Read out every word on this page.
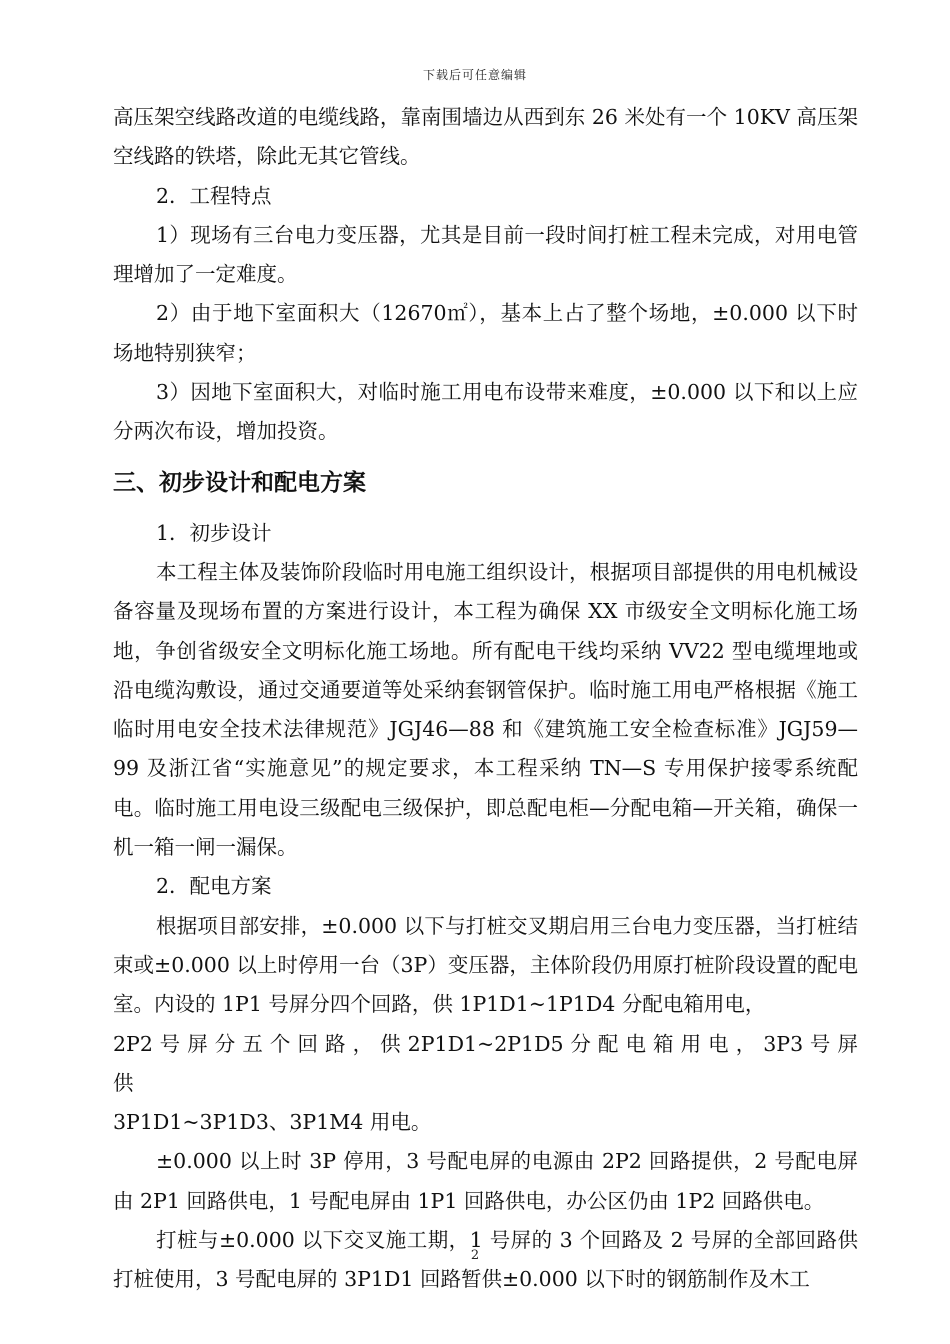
下载后可任意编辑

高压架空线路改道的电缆线路，靠南围墙边从西到东 26 米处有一个 10KV 高压架空线路的铁塔，除此无其它管线。

2．工程特点

1）现场有三台电力变压器，尤其是目前一段时间打桩工程未完成，对用电管理增加了一定难度。

2）由于地下室面积大（12670㎡），基本上占了整个场地，±0.000 以下时场地特别狭窄；

3）因地下室面积大，对临时施工用电布设带来难度，±0.000 以下和以上应分两次布设，增加投资。

三、初步设计和配电方案

1．初步设计

本工程主体及装饰阶段临时用电施工组织设计，根据项目部提供的用电机械设备容量及现场布置的方案进行设计，本工程为确保 XX 市级安全文明标化施工场地，争创省级安全文明标化施工场地。所有配电干线均采纳 VV22 型电缆埋地或沿电缆沟敷设，通过交通要道等处采纳套钢管保护。临时施工用电严格根据《施工临时用电安全技术法律规范》JGJ46—88 和《建筑施工安全检查标准》JGJ59—99 及浙江省“实施意见”的规定要求，本工程采纳 TN—S 专用保护接零系统配电。临时施工用电设三级配电三级保护，即总配电柜—分配电箱—开关箱，确保一机一箱一闸一漏保。

2．配电方案

根据项目部安排，±0.000 以下与打桩交叉期启用三台电力变压器，当打桩结束或±0.000 以上时停用一台（3P）变压器，主体阶段仍用原打桩阶段设置的配电室。内设的 1P1 号屏分四个回路，供 1P1D1~1P1D4 分配电箱用电，

2P2 号 屏 分 五 个 回 路 ， 供 2P1D1~2P1D5 分 配 电 箱 用 电 ， 3P3 号 屏 供

3P1D1~3P1D3、3P1M4 用电。

±0.000 以上时 3P 停用，3 号配电屏的电源由 2P2 回路提供，2 号配电屏由 2P1 回路供电，1 号配电屏由 1P1 回路供电，办公区仍由 1P2 回路供电。

打桩与±0.000 以下交叉施工期，1 号屏的 3 个回路及 2 号屏的全部回路供打桩使用，3 号配电屏的 3P1D1 回路暂供±0.000 以下时的钢筋制作及木工

2
